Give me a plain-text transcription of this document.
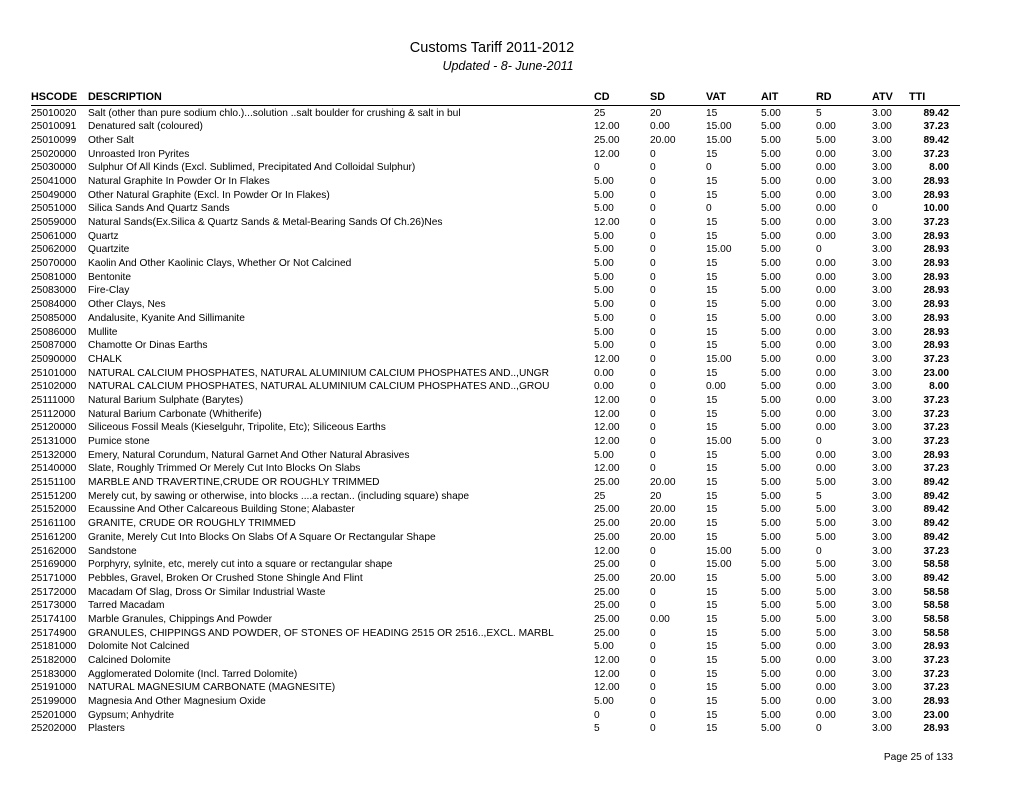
Customs Tariff 2011-2012
Updated - 8- June-2011
HSCODE DESCRIPTION	CD	SD	VAT	AIT	RD	ATV	TTI
25010020	Salt (other than pure sodium chlo.)...solution ..salt boulder for crushing & salt in bul	25	20	15	5.00	5	3.00	89.42
25010091	Denatured salt (coloured)	12.00	0.00	15.00	5.00	0.00	3.00	37.23
25010099	Other Salt	25.00	20.00	15.00	5.00	5.00	3.00	89.42
25020000	Unroasted Iron Pyrites	12.00	0	15	5.00	0.00	3.00	37.23
25030000	Sulphur Of All Kinds (Excl. Sublimed, Precipitated And Colloidal Sulphur)	0	0	0	5.00	0.00	3.00	8.00
25041000	Natural Graphite In Powder Or In Flakes	5.00	0	15	5.00	0.00	3.00	28.93
25049000	Other Natural Graphite (Excl. In Powder Or In Flakes)	5.00	0	15	5.00	0.00	3.00	28.93
25051000	Silica Sands And Quartz Sands	5.00	0	0	5.00	0.00	0	10.00
25059000	Natural Sands(Ex.Silica & Quartz Sands & Metal-Bearing Sands Of Ch.26)Nes	12.00	0	15	5.00	0.00	3.00	37.23
25061000	Quartz	5.00	0	15	5.00	0.00	3.00	28.93
25062000	Quartzite	5.00	0	15.00	5.00	0	3.00	28.93
25070000	Kaolin And Other Kaolinic Clays, Whether Or Not Calcined	5.00	0	15	5.00	0.00	3.00	28.93
25081000	Bentonite	5.00	0	15	5.00	0.00	3.00	28.93
25083000	Fire-Clay	5.00	0	15	5.00	0.00	3.00	28.93
25084000	Other Clays, Nes	5.00	0	15	5.00	0.00	3.00	28.93
25085000	Andalusite, Kyanite And Sillimanite	5.00	0	15	5.00	0.00	3.00	28.93
25086000	Mullite	5.00	0	15	5.00	0.00	3.00	28.93
25087000	Chamotte Or Dinas Earths	5.00	0	15	5.00	0.00	3.00	28.93
25090000	CHALK	12.00	0	15.00	5.00	0.00	3.00	37.23
25101000	NATURAL CALCIUM PHOSPHATES, NATURAL ALUMINIUM CALCIUM PHOSPHATES AND..,UNGR	0.00	0	15	5.00	0.00	3.00	23.00
25102000	NATURAL CALCIUM PHOSPHATES, NATURAL ALUMINIUM CALCIUM PHOSPHATES AND..,GROU	0.00	0	0.00	5.00	0.00	3.00	8.00
25111000	Natural Barium Sulphate (Barytes)	12.00	0	15	5.00	0.00	3.00	37.23
25112000	Natural Barium Carbonate (Whitherife)	12.00	0	15	5.00	0.00	3.00	37.23
25120000	Siliceous Fossil Meals (Kieselguhr, Tripolite, Etc); Siliceous Earths	12.00	0	15	5.00	0.00	3.00	37.23
25131000	Pumice stone	12.00	0	15.00	5.00	0	3.00	37.23
25132000	Emery, Natural Corundum, Natural Garnet And Other Natural Abrasives	5.00	0	15	5.00	0.00	3.00	28.93
25140000	Slate, Roughly Trimmed Or Merely Cut Into Blocks On Slabs	12.00	0	15	5.00	0.00	3.00	37.23
25151100	MARBLE AND TRAVERTINE,CRUDE OR ROUGHLY TRIMMED	25.00	20.00	15	5.00	5.00	3.00	89.42
25151200	Merely cut, by sawing or otherwise, into blocks ....a rectan.. (including square) shape	25	20	15	5.00	5	3.00	89.42
25152000	Ecaussine And Other Calcareous Building Stone; Alabaster	25.00	20.00	15	5.00	5.00	3.00	89.42
25161100	GRANITE, CRUDE OR ROUGHLY TRIMMED	25.00	20.00	15	5.00	5.00	3.00	89.42
25161200	Granite, Merely Cut Into Blocks On Slabs Of A Square Or Rectangular Shape	25.00	20.00	15	5.00	5.00	3.00	89.42
25162000	Sandstone	12.00	0	15.00	5.00	0	3.00	37.23
25169000	Porphyry, sylnite, etc, merely cut into a square or rectangular shape	25.00	0	15.00	5.00	5.00	3.00	58.58
25171000	Pebbles, Gravel, Broken Or Crushed Stone Shingle And Flint	25.00	20.00	15	5.00	5.00	3.00	89.42
25172000	Macadam Of Slag, Dross Or Similar Industrial Waste	25.00	0	15	5.00	5.00	3.00	58.58
25173000	Tarred Macadam	25.00	0	15	5.00	5.00	3.00	58.58
25174100	Marble Granules, Chippings And Powder	25.00	0.00	15	5.00	5.00	3.00	58.58
25174900	GRANULES, CHIPPINGS AND POWDER, OF STONES OF HEADING 2515 OR 2516..,EXCL. MARBL	25.00	0	15	5.00	5.00	3.00	58.58
25181000	Dolomite Not Calcined	5.00	0	15	5.00	0.00	3.00	28.93
25182000	Calcined Dolomite	12.00	0	15	5.00	0.00	3.00	37.23
25183000	Agglomerated Dolomite (Incl. Tarred Dolomite)	12.00	0	15	5.00	0.00	3.00	37.23
25191000	NATURAL MAGNESIUM CARBONATE (MAGNESITE)	12.00	0	15	5.00	0.00	3.00	37.23
25199000	Magnesia And Other Magnesium Oxide	5.00	0	15	5.00	0.00	3.00	28.93
25201000	Gypsum; Anhydrite	0	0	15	5.00	0.00	3.00	23.00
25202000	Plasters	5	0	15	5.00	0	3.00	28.93
Page 25 of 133
